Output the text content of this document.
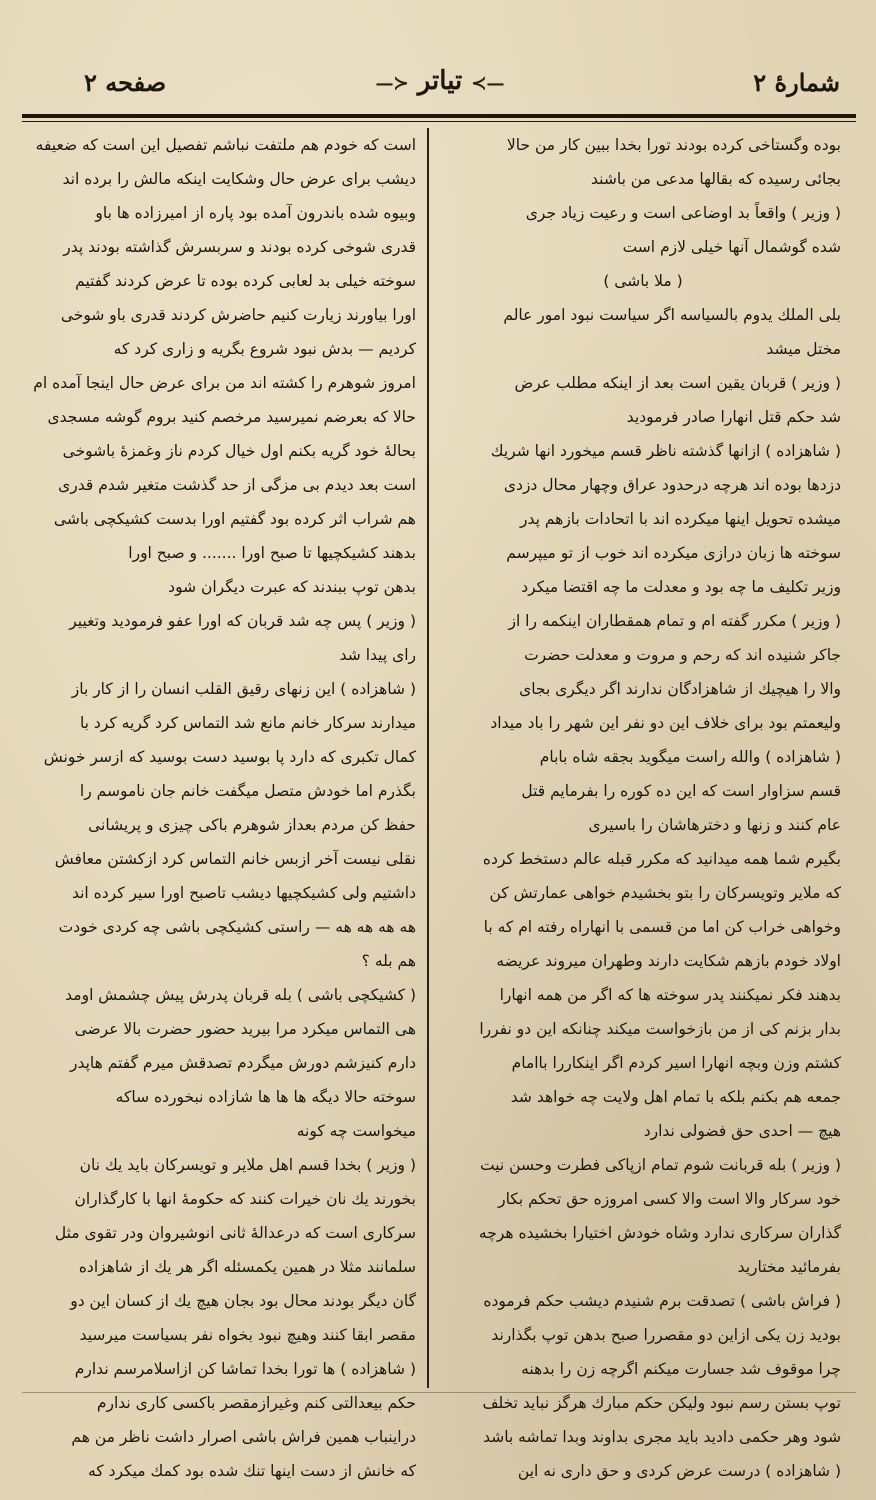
شمارهٔ ۲
—≻ تیاتر ≺—
صفحه ۲
بوده وگستاخی کرده بودند تورا بخدا ببین کار من حالا
بجائی رسیده که بقالها مدعی من باشند
( وزیر ) واقعاً بد اوضاعی است و رعیت زیاد جری
شده گوشمال آنها خیلی لازم است
( ملا باشی )
بلی الملك يدوم بالسياسه اگر سیاست نبود امور عالم
مختل میشد
( وزیر ) قربان یقین است بعد از اینکه مطلب عرض
شد حکم قتل انهارا صادر فرمودید
( شاهزاده ) ازانها گذشته ناظر قسم میخورد انها شریك
دزدها بوده اند هرچه درحدود عراق وچهار محال دزدی
میشده تحویل اینها میکرده اند با اتحادات بازهم پدر
سوخته ها زبان درازی میکرده اند خوب از تو میپرسم
وزیر تکلیف ما چه بود و معدلت ما چه اقتضا میکرد
( وزیر ) مکرر گفته ام و تمام همقطاران اینکمه را از
جاکر شنیده اند که رحم و مروت و معدلت حضرت
والا را هیچیك از شاهزادگان ندارند اگر دیگری بجای
ولیعمتم بود برای خلاف این دو نفر این شهر را باد میداد
( شاهزاده ) والله راست میگوید بجقه شاه بابام
قسم سزاوار است که این ده کوره را بفرمایم قتل
عام کنند و زنها و دخترهاشان را باسیری
بگیرم شما همه میدانید که مکرر قبله عالم دستخط کرده
که ملایر وتویسرکان را بتو بخشیدم خواهی عمارتش کن
وخواهی خراب کن اما من قسمی با انهاراه رفته ام که با
اولاد خودم بازهم شکایت دارند وطهران میروند عریضه
بدهند فکر نمیکنند پدر سوخته ها که اگر من همه انهارا
بدار بزنم کی از من بازخواست میکند چنانکه این دو نفررا
کشتم وزن وبچه انهارا اسیر کردم اگر اینکاررا باامام
جمعه هم بکنم بلکه با تمام اهل ولایت چه خواهد شد
هیچ — احدی حق فضولی ندارد
( وزیر ) بله قربانت شوم تمام ازپاکی فطرت وحسن نیت
خود سرکار والا است والا کسی امروزه حق تحکم بکار
گذاران سرکاری ندارد وشاه خودش اختیارا بخشیده هرچه
بفرمائید مختارید
( فراش باشی ) تصدقت برم شنیدم دیشب حکم فرموده
بودید زن یکی ازاین دو مقصررا صبح بدهن توپ بگذارند
چرا موقوف شد جسارت میکنم اگرچه زن را بدهنه
توپ بستن رسم نبود ولیکن حکم مبارك هرگز نباید تخلف
شود وهر حکمی دادید باید مجری بداوند وبدا تماشه باشد
( شاهزاده ) درست عرض کردی و حق داری نه این
است که خودم هم ملتفت نباشم تفصیل این است که ضعیفه
دیشب برای عرض حال وشکایت اینکه مالش را برده اند
وبیوه شده باندرون آمده بود پاره از امیرزاده ها باو
قدری شوخی کرده بودند و سربسرش گذاشته بودند پدر
سوخته خیلی بد لعابی کرده بوده تا عرض کردند گفتیم
اورا بیاورند زیارت کنیم حاضرش کردند قدری باو شوخی
کردیم — بدش نبود شروع بگریه و زاری کرد که
امروز شوهرم را کشته اند من برای عرض حال اینجا آمده ام
حالا که بعرضم نمیرسید مرخصم کنید بروم گوشه مسجدی
بحالهٔ خود گریه بکنم اول خیال کردم ناز وغمزهٔ باشوخی
است بعد دیدم بی مزگی از حد گذشت متغیر شدم قدری
هم شراب اثر کرده بود گفتیم اورا بدست کشیکچی باشی
بدهند کشیکچیها تا صبح اورا ....... و صبح اورا
بدهن توپ ببندند که عبرت دیگران شود
( وزیر ) پس چه شد قربان که اورا عفو فرمودید وتغییر
رای پیدا شد
( شاهزاده ) این زنهای رقیق القلب انسان را از کار باز
میدارند سرکار خانم مانع شد التماس کرد گریه کرد با
کمال تکبری که دارد پا بوسید دست بوسید که ازسر خونش
بگذرم اما خودش متصل میگفت خانم جان ناموسم را
حفظ کن مردم بعداز شوهرم باکی چیزی و پریشانی
نقلی نیست آخر ازبس خانم التماس کرد ازکشتن معافش
داشتیم ولی کشیکچیها دیشب تاصبح اورا سیر کرده اند
هه هه هه هه — راستی کشیکچی باشی چه کردی خودت
هم بله ؟
( کشیکچی باشی ) بله قربان پدرش پیش چشمش اومد
هی التماس میکرد مرا بیرید حضور حضرت بالا عرضی
دارم کنیزشم دورش میگردم تصدقش میرم گفتم هاپدر
سوخته حالا دیگه ها ها ها شازاده نبخورده ساکه
میخواست چه کونه
( وزیر ) بخدا قسم اهل ملایر و تویسرکان باید یك نان
بخورند یك نان خیرات کنند که حکومهٔ انها با کارگذاران
سرکاری است که درعدالهٔ ثانی انوشیروان ودر تقوی مثل
سلمانند مثلا در همین یکمسئله اگر هر یك از شاهزاده
گان دیگر بودند محال بود بجان هیچ یك از کسان این دو
مقصر ابقا کنند وهیچ نبود بخواه نفر بسیاست میرسید
( شاهزاده ) ها تورا بخدا تماشا کن ازاسلامرسم ندارم
حکم بیعدالتی کنم وغیرازمقصر باکسی کاری ندارم
دراینباب همین فراش باشی اصرار داشت ناظر من هم
که خانش از دست اینها تنك شده بود کمك میکرد که
